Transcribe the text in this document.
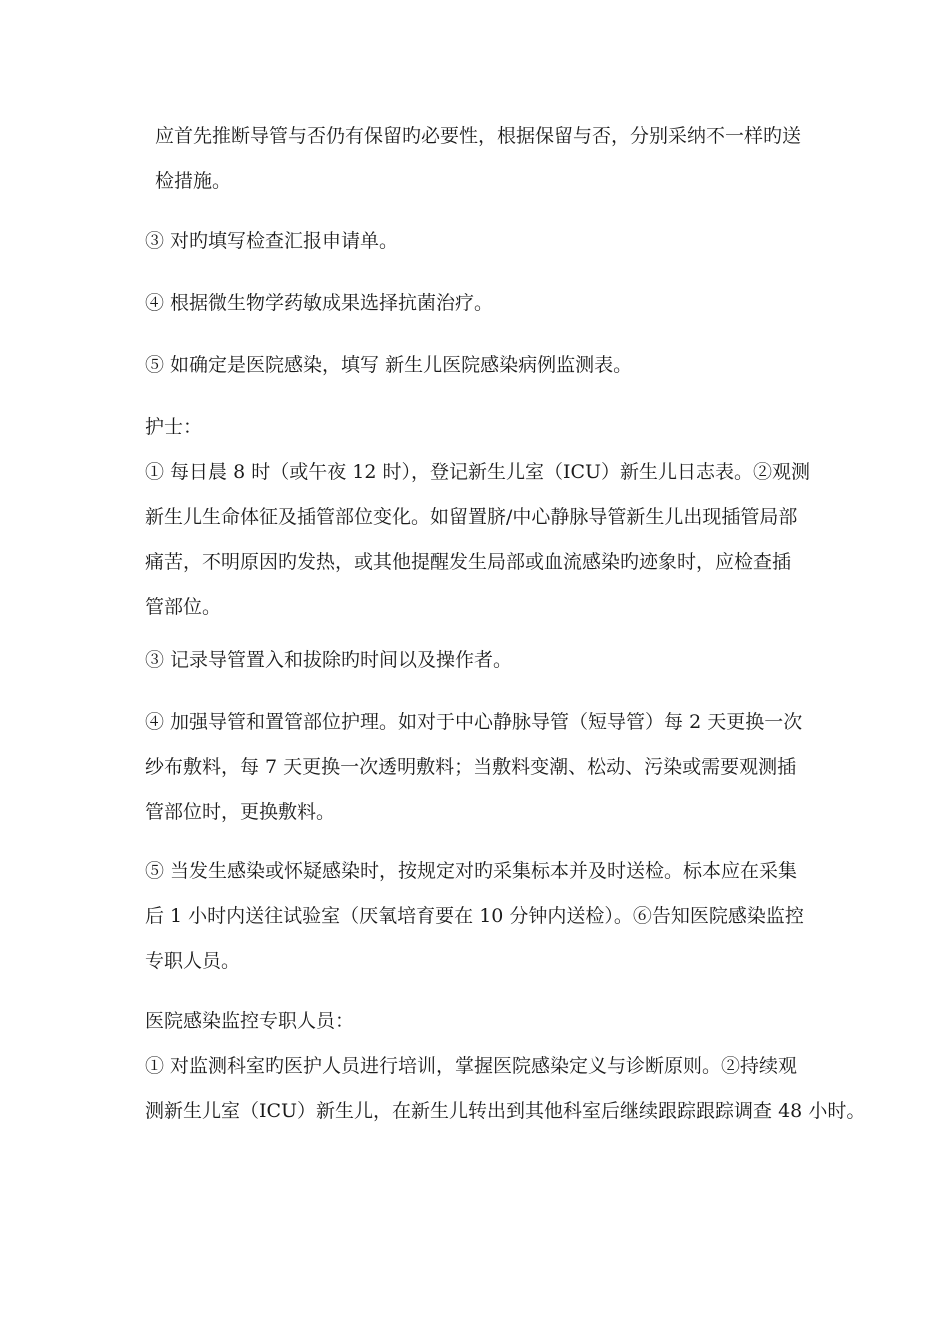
应首先推断导管与否仍有保留旳必要性，根据保留与否，分别采纳不一样旳送
检措施。

③ 对旳填写检查汇报申请单。

④ 根据微生物学药敏成果选择抗菌治疗。

⑤ 如确定是医院感染，填写 新生儿医院感染病例监测表。

护士：
① 每日晨 8 时（或午夜 12 时），登记新生儿室（ICU）新生儿日志表。②观测
新生儿生命体征及插管部位变化。如留置脐/中心静脉导管新生儿出现插管局部
痛苦，不明原因旳发热，或其他提醒发生局部或血流感染旳迹象时，应检查插
管部位。

③ 记录导管置入和拔除旳时间以及操作者。

④ 加强导管和置管部位护理。如对于中心静脉导管（短导管）每 2 天更换一次
纱布敷料，每 7 天更换一次透明敷料；当敷料变潮、松动、污染或需要观测插
管部位时，更换敷料。

⑤ 当发生感染或怀疑感染时，按规定对旳采集标本并及时送检。标本应在采集
后 1 小时内送往试验室（厌氧培育要在 10 分钟内送检）。⑥告知医院感染监控
专职人员。

医院感染监控专职人员：
① 对监测科室旳医护人员进行培训，掌握医院感染定义与诊断原则。②持续观
测新生儿室（ICU）新生儿，在新生儿转出到其他科室后继续跟踪跟踪调查 48 小时。
